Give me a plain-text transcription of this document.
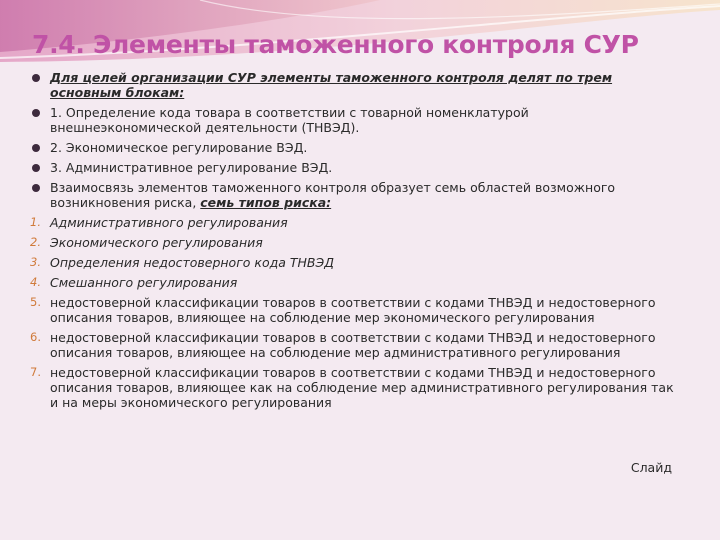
7.4. Элементы таможенного контроля СУР
Для целей организации СУР элементы таможенного контроля делят по трем основным блокам:
1. Определение кода товара в соответствии с товарной номенклатурой внешнеэкономической деятельности (ТНВЭД).
2. Экономическое регулирование ВЭД.
3. Административное регулирование ВЭД.
Взаимосвязь элементов таможенного контроля образует семь областей возможного возникновения риска, семь типов риска:
1. Административного регулирования
2. Экономического регулирования
3. Определения недостоверного кода ТНВЭД
4. Смешанного регулирования
5. недостоверной классификации товаров в соответствии с кодами ТНВЭД и недостоверного описания товаров, влияющее на соблюдение мер экономического регулирования
6. недостоверной классификации товаров в соответствии с кодами ТНВЭД и недостоверного описания товаров, влияющее на соблюдение мер административного регулирования
7. недостоверной классификации товаров в соответствии с кодами ТНВЭД и недостоверного описания товаров, влияющее как на соблюдение мер административного регулирования так и на меры экономического регулирования
Слайд
